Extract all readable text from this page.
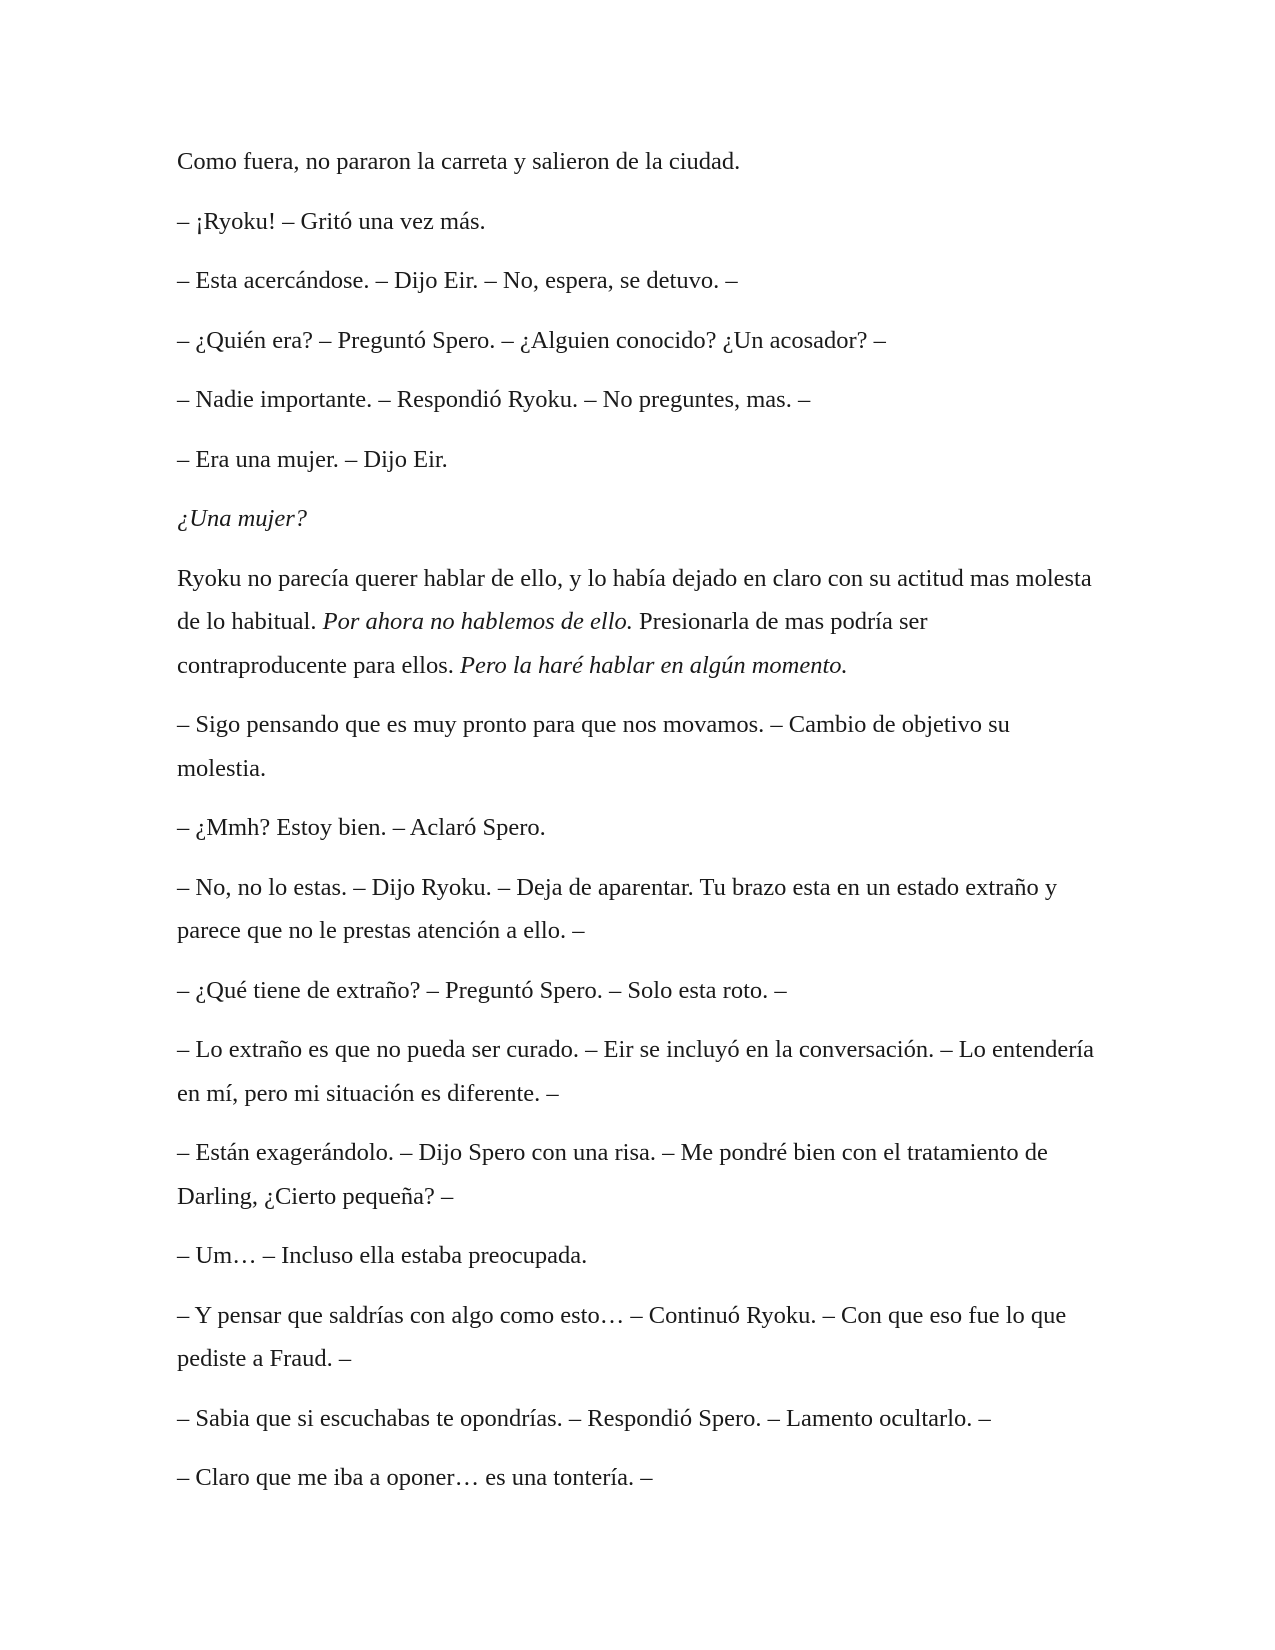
Como fuera, no pararon la carreta y salieron de la ciudad.

– ¡Ryoku! – Gritó una vez más.

– Esta acercándose. – Dijo Eir. – No, espera, se detuvo. –

– ¿Quién era? – Preguntó Spero. – ¿Alguien conocido? ¿Un acosador? –

– Nadie importante. – Respondió Ryoku. – No preguntes, mas. –

– Era una mujer. – Dijo Eir.

¿Una mujer?

Ryoku no parecía querer hablar de ello, y lo había dejado en claro con su actitud mas molesta de lo habitual. Por ahora no hablemos de ello. Presionarla de mas podría ser contraproducente para ellos. Pero la haré hablar en algún momento.

– Sigo pensando que es muy pronto para que nos movamos. – Cambio de objetivo su molestia.

– ¿Mmh? Estoy bien. – Aclaró Spero.

– No, no lo estas. – Dijo Ryoku. – Deja de aparentar. Tu brazo esta en un estado extraño y parece que no le prestas atención a ello. –

– ¿Qué tiene de extraño? – Preguntó Spero. – Solo esta roto. –

– Lo extraño es que no pueda ser curado. – Eir se incluyó en la conversación. – Lo entendería en mí, pero mi situación es diferente. –

– Están exagerándolo. – Dijo Spero con una risa. – Me pondré bien con el tratamiento de Darling, ¿Cierto pequeña? –

– Um… – Incluso ella estaba preocupada.

– Y pensar que saldrías con algo como esto… – Continuó Ryoku. – Con que eso fue lo que pediste a Fraud. –

– Sabia que si escuchabas te opondrías. – Respondió Spero. – Lamento ocultarlo. –

– Claro que me iba a oponer… es una tontería. –
